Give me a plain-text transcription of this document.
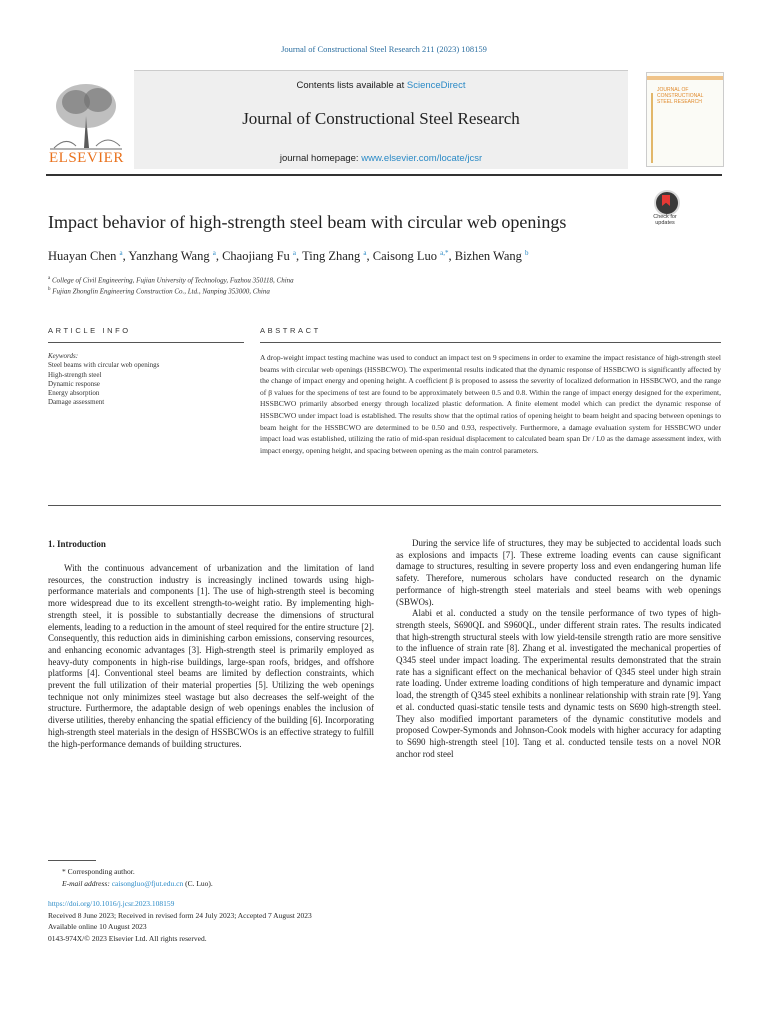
Journal of Constructional Steel Research 211 (2023) 108159
ELSEVIER
Contents lists available at ScienceDirect
Journal of Constructional Steel Research
journal homepage: www.elsevier.com/locate/jcsr
JOURNAL OF
CONSTRUCTIONAL
STEEL RESEARCH
Impact behavior of high-strength steel beam with circular web openings	Check for
updates
Huayan Chen $^a$, Yanzhang Wang $^a$, Chaojiang Fu $^a$, Ting Zhang $^a$, Caisong Luo $^{a,*}$, Bizhen Wang $^b$
$^a$ College of Civil Engineering, Fujian University of Technology, Fuzhou 350118, China
$^b$ Fujian Zhonglin Engineering Construction Co., Ltd., Nanping 353000, China
ARTICLE INFO	ABSTRACT
Keywords:
Steel beams with circular web openings
High-strength steel
Dynamic response
Energy absorption
Damage assessment
A drop-weight impact testing machine was used to conduct an impact test on 9 specimens in order to examine the impact resistance of high-strength steel beams with circular web openings (HSSBCWO). The experimental results indicated that the dynamic response of HSSBCWO is significantly affected by the change of impact energy and opening height. A coefficient β is proposed to assess the severity of localized deformation in HSSBCWO, and the range of β values for the specimens of test are found to be approximately between 0.5 and 0.8. Within the range of impact energy designed for the experiment, HSSBCWO primarily absorbed energy through localized plastic deformation. A finite element model which can predict the dynamic response of HSSBCWO under impact load is established. The results show that the optimal ratios of opening height to beam height and spacing between openings to beam height for the HSSBCWO are determined to be 0.50 and 0.93, respectively. Furthermore, a damage evaluation system for HSSBCWO under impact load was established, utilizing the ratio of mid-span residual displacement to calculated beam span Dr / L0 as the damage assessment index, with impact energy, opening height, and spacing between opening as the main control parameters.
1. Introduction

With the continuous advancement of urbanization and the limitation of land resources, the construction industry is increasingly inclined towards using high-performance materials and components [1]. The use of high-strength steel is becoming more widespread due to its excellent strength-to-weight ratio. By implementing high-strength steel, it is possible to substantially decrease the dimensions of structural elements, leading to a reduction in the amount of steel required for the entire structure [2]. Consequently, this reduction aids in diminishing carbon emissions, conserving resources, and enhancing economic advantages [3]. High-strength steel is primarily employed as heavy-duty components in high-rise buildings, large-span roofs, bridges, and offshore platforms [4]. Conventional steel beams are limited by deflection constraints, which prevent the full utilization of their material properties [5]. Utilizing the web openings technique not only minimizes steel wastage but also decreases the self-weight of the structure. Furthermore, the adaptable design of web openings enables the inclusion of diverse utilities, thereby enhancing the spatial efficiency of the building [6]. Incorporating high-strength steel materials in the design of HSSBCWOs is an effective strategy to fulfill the high-performance demands of building structures.

During the service life of structures, they may be subjected to accidental loads such as explosions and impacts [7]. These extreme loading events can cause significant damage to structures, resulting in severe property loss and even endangering human life safety. Therefore, numerous scholars have conducted research on the dynamic performance of high-strength steel materials and steel beams with web openings (SBWOs).

Alabi et al. conducted a study on the tensile performance of two types of high-strength steels, S690QL and S960QL, under different strain rates. The results indicated that high-strength structural steels with low yield-tensile strength ratio are more sensitive to the influence of strain rate [8]. Zhang et al. investigated the mechanical properties of Q345 steel under impact loading. The experimental results demonstrated that the strain rate has a significant effect on the mechanical behavior of Q345 steel under high strain rate loading. Under extreme loading conditions of high temperature and dynamic impact load, the strength of Q345 steel exhibits a nonlinear relationship with strain rate [9]. Yang et al. conducted quasi-static tensile tests and dynamic tests on S690 high-strength steel. They also modified important parameters of the dynamic constitutive models and proposed Cowper-Symonds and Johnson-Cook models with higher accuracy for adapting to S690 high-strength steel [10]. Tang et al. conducted tensile tests on a novel NOR anchor rod steel

* Corresponding author.
E-mail address: caisongluo@fjut.edu.cn (C. Luo).
https://doi.org/10.1016/j.jcsr.2023.108159
Received 8 June 2023; Received in revised form 24 July 2023; Accepted 7 August 2023
Available online 10 August 2023
0143-974X/© 2023 Elsevier Ltd. All rights reserved.
